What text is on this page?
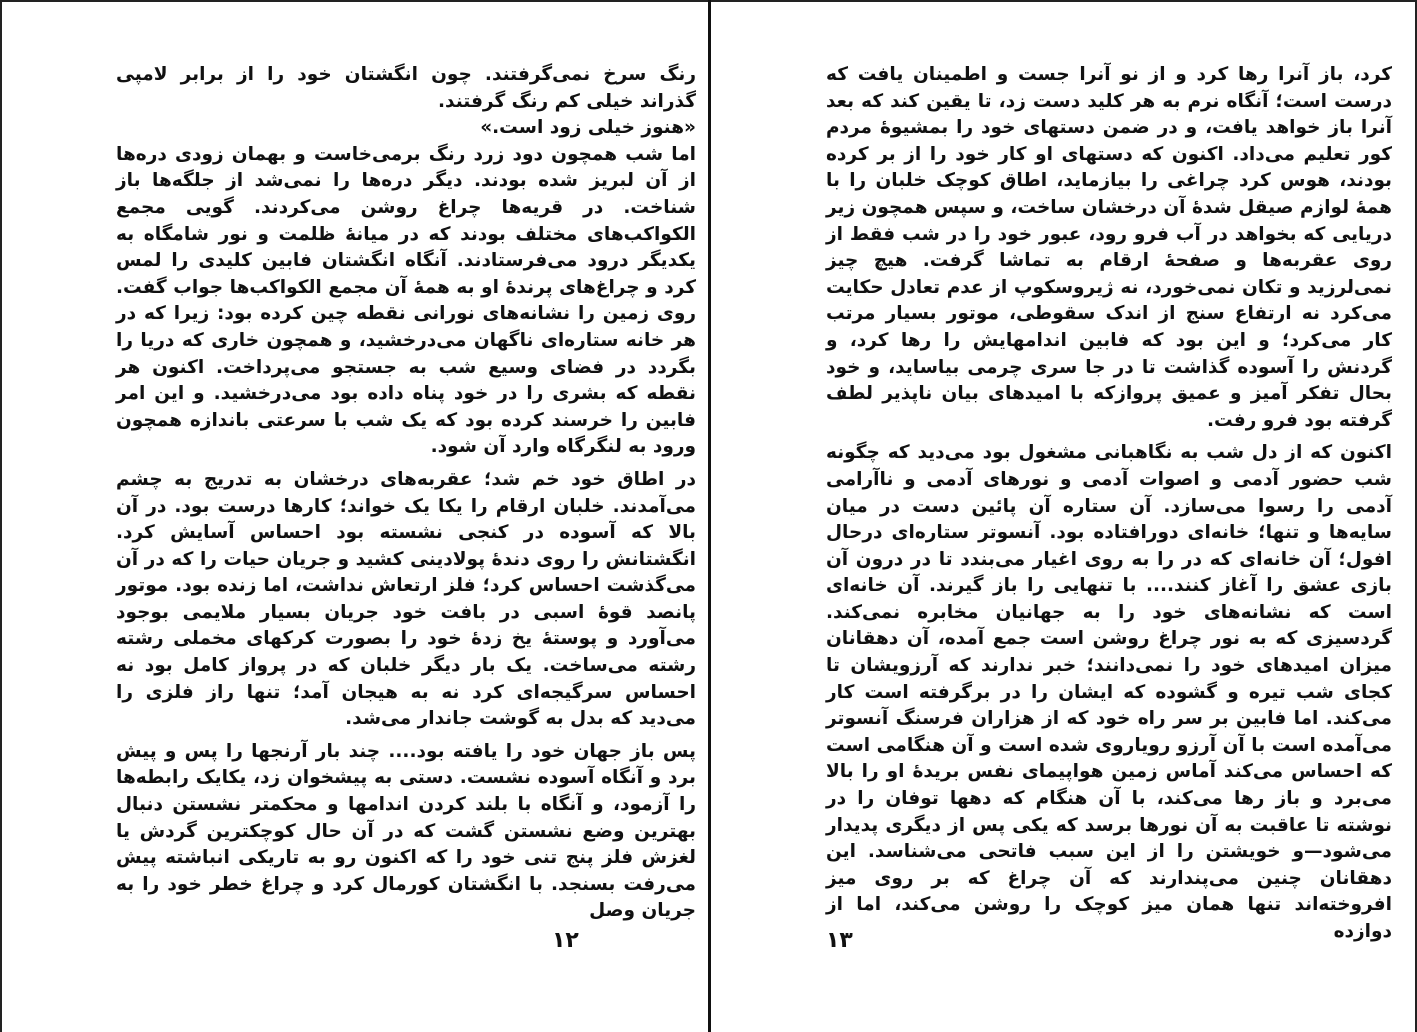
رنگ سرخ نمی‌گرفتند. چون انگشتان خود را از برابر لامپی گذراند خیلی کم رنگ گرفتند.

«هنوز خیلی زود است.»

اما شب همچون دود زرد رنگ برمی‌خاست و بهمان زودی دره‌ها از آن لبریز شده بودند. دیگر دره‌ها را نمی‌شد از جلگه‌ها باز شناخت. در قریه‌ها چراغ روشن می‌کردند. گویی مجمع الکواکب‌های مختلف بودند که در میانهٔ ظلمت و نور شامگاه به یکدیگر درود می‌فرستادند. آنگاه انگشتان فابین کلیدی را لمس کرد و چراغ‌های پرندهٔ او به همهٔ آن مجمع الکواکب‌ها جواب گفت. روی زمین را نشانه‌های نورانی نقطه چین کرده بود: زیرا که در هر خانه ستاره‌ای ناگهان می‌درخشید، و همچون خاری که دریا را بگردد در فضای وسیع شب به جستجو می‌پرداخت. اکنون هر نقطه که بشری را در خود پناه داده بود می‌درخشید. و این امر فابین را خرسند کرده بود که یک شب با سرعتی باندازه همچون ورود به لنگرگاه وارد آن شود.

در اطاق خود خم شد؛ عقربه‌های درخشان به تدریج به چشم می‌آمدند. خلبان ارقام را یکا یک خواند؛ کارها درست بود. در آن بالا که آسوده در کنجی نشسته بود احساس آسایش کرد. انگشتانش را روی دندهٔ پولادینی کشید و جریان حیات را که در آن می‌گذشت احساس کرد؛ فلز ارتعاش نداشت، اما زنده بود. موتور پانصد قوهٔ اسبی در بافت خود جریان بسیار ملایمی بوجود می‌آورد و پوستهٔ یخ زدهٔ خود را بصورت کرکهای مخملی رشته رشته می‌ساخت. یک بار دیگر خلبان که در پرواز کامل بود نه احساس سرگیجه‌ای کرد نه به هیجان آمد؛ تنها راز فلزی را می‌دید که بدل به گوشت جاندار می‌شد.

پس باز جهان خود را یافته بود.... چند بار آرنجها را پس و پیش برد و آنگاه آسوده نشست. دستی به پیشخوان زد، یکایک رابطه‌ها را آزمود، و آنگاه با بلند کردن اندامها و محکمتر نشستن دنبال بهترین وضع نشستن گشت که در آن حال کوچکترین گردش یا لغزش فلز پنج تنی خود را که اکنون رو به تاریکی انباشته پیش می‌رفت بسنجد. با انگشتان کورمال کرد و چراغ خطر خود را به جریان وصل

۱۲

کرد، باز آنرا رها کرد و از نو آنرا جست و اطمینان یافت که درست است؛ آنگاه نرم به هر کلید دست زد، تا یقین کند که بعد آنرا باز خواهد یافت، و در ضمن دستهای خود را بمشیوهٔ مردم کور تعلیم می‌داد. اکنون که دستهای او کار خود را از بر کرده بودند، هوس کرد چراغی را بیازماید، اطاق کوچک خلبان را با همهٔ لوازم صیقل شدهٔ آن درخشان ساخت، و سپس همچون زیر دریایی که بخواهد در آب فرو رود، عبور خود را در شب فقط از روی عقربه‌ها و صفحهٔ ارقام به تماشا گرفت. هیچ چیز نمی‌لرزید و تکان نمی‌خورد، نه ژیروسکوپ از عدم تعادل حکایت می‌کرد نه ارتفاع سنج از اندک سقوطی، موتور بسیار مرتب کار می‌کرد؛ و این بود که فابین اندامهایش را رها کرد، و گردنش را آسوده گذاشت تا در جا سری چرمی بیاساید، و خود بحال تفکر آمیز و عمیق پروازکه با امیدهای بیان ناپذیر لطف گرفته بود فرو رفت.

اکنون که از دل شب به نگاهبانی مشغول بود می‌دید که چگونه شب حضور آدمی و اصوات آدمی و نورهای آدمی و ناآرامی آدمی را رسوا می‌سازد. آن ستاره آن پائین دست در میان سایه‌ها و تنها؛ خانه‌ای دورافتاده بود. آنسوتر ستاره‌ای درحال افول؛ آن خانه‌ای که در را به روی اغیار می‌بندد تا در درون آن بازی عشق را آغاز کنند.... با تنهایی را باز گیرند. آن خانه‌ای است که نشانه‌های خود را به جهانیان مخابره نمی‌کند. گردسیزی که به نور چراغ روشن است جمع آمده، آن دهقانان میزان امیدهای خود را نمی‌دانند؛ خبر ندارند که آرزویشان تا کجای شب تیره و گشوده که ایشان را در برگرفته است کار می‌کند. اما فابین بر سر راه خود که از هزاران فرسنگ آنسوتر می‌آمده است با آن آرزو رویاروی شده است و آن هنگامی است که احساس می‌کند آماس زمین هواپیمای نفس بریدهٔ او را بالا می‌برد و باز رها می‌کند، با آن هنگام که دهها توفان را در نوشته تا عاقبت به آن نورها برسد که یکی پس از دیگری پدیدار می‌شود—و خویشتن را از این سبب فاتحی می‌شناسد. این دهقانان چنین می‌پندارند که آن چراغ که بر روی میز افروخته‌اند تنها همان میز کوچک را روشن می‌کند، اما از دوازده

۱۳
